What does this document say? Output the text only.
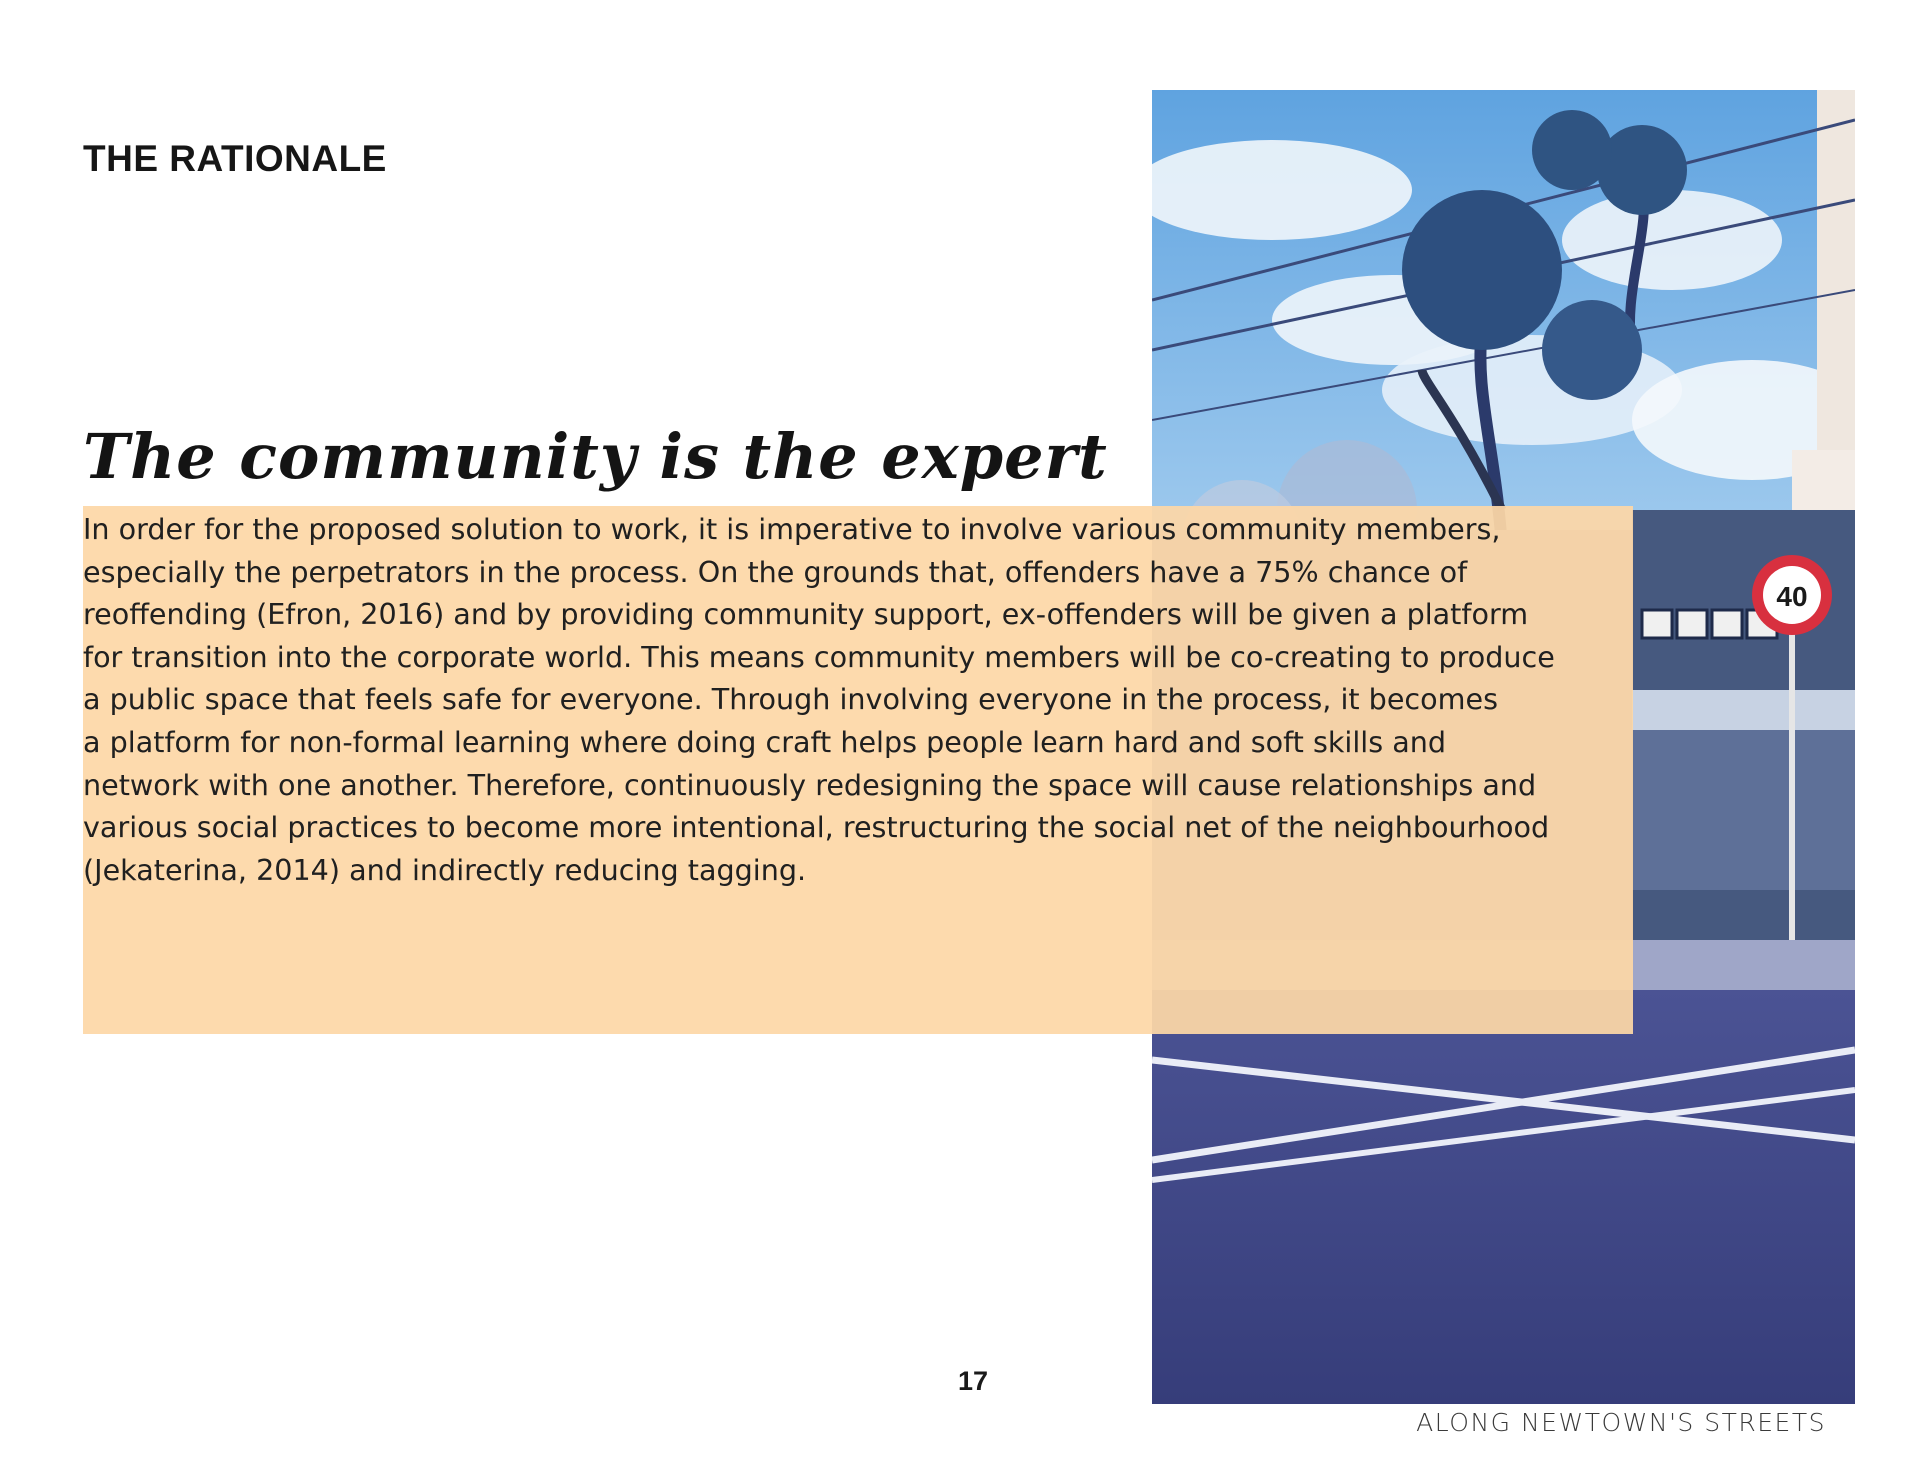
THE RATIONALE
40
The community is the expert

In order for the proposed solution to work, it is imperative to involve various community members,
especially the perpetrators in the process. On the grounds that, offenders have a 75% chance of
reoffending (Efron, 2016) and by providing community support, ex-offenders will be given a platform
for transition into the corporate world. This means community members will be co-creating to produce
a public space that feels safe for everyone. Through involving everyone in the process, it becomes
a platform for non-formal learning where doing craft helps people learn hard and soft skills and
network with one another. Therefore, continuously redesigning the space will cause relationships and
various social practices to become more intentional, restructuring the social net of the neighbourhood
(Jekaterina, 2014) and indirectly reducing tagging.

17
ALONG NEWTOWN'S STREETS
